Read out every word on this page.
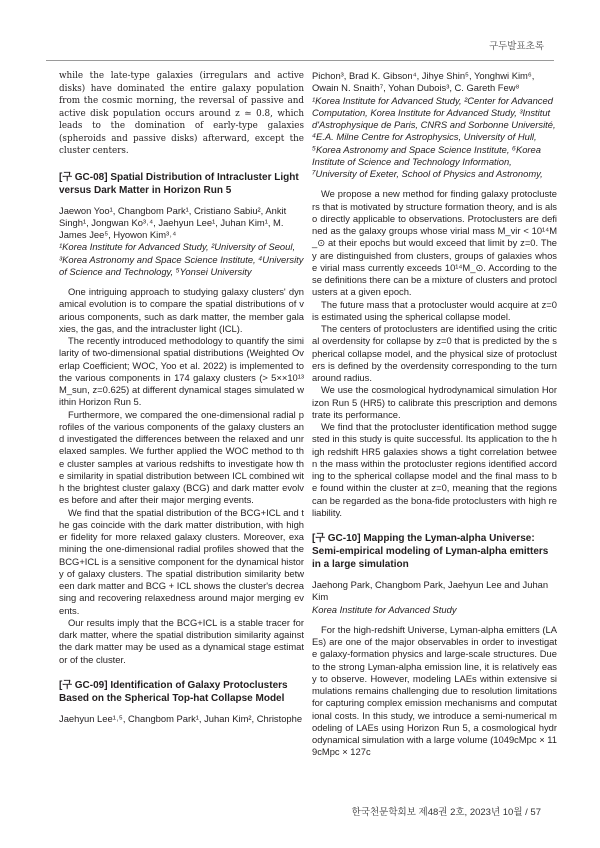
구두발표초록

while the late-type galaxies (irregulars and active disks) have dominated the entire galaxy population from the cosmic morning, the reversal of passive and active disk population occurs around z ≃ 0.8, which leads to the domination of early-type galaxies (spheroids and passive disks) afterward, except the cluster centers.

[구 GC-08] Spatial Distribution of Intracluster Light versus Dark Matter in Horizon Run 5

Jaewon Yoo¹, Changbom Park¹, Cristiano Sabiu², Ankit Singh¹, Jongwan Ko³˒⁴, Jaehyun Lee¹, Juhan Kim¹, M. James Jee⁵, Hyowon Kim³˒⁴

¹Korea Institute for Advanced Study, ²University of Seoul, ³Korea Astronomy and Space Science Institute, ⁴University of Science and Technology, ⁵Yonsei University

One intriguing approach to studying galaxy clusters' dynamical evolution is to compare the spatial distributions of various components, such as dark matter, the member galaxies, the gas, and the intracluster light (ICL).

The recently introduced methodology to quantify the similarity of two-dimensional spatial distributions (Weighted Overlap Coefficient; WOC, Yoo et al. 2022) is implemented to the various components in 174 galaxy clusters (> 5××10¹³ M_sun, z=0.625) at different dynamical stages simulated within Horizon Run 5.

Furthermore, we compared the one-dimensional radial profiles of the various components of the galaxy clusters and investigated the differences between the relaxed and unrelaxed samples. We further applied the WOC method to the cluster samples at various redshifts to investigate how the similarity in spatial distribution between ICL combined with the brightest cluster galaxy (BCG) and dark matter evolves before and after their major merging events.

We find that the spatial distribution of the BCG+ICL and the gas coincide with the dark matter distribution, with higher fidelity for more relaxed galaxy clusters. Moreover, examining the one-dimensional radial profiles showed that the BCG+ICL is a sensitive component for the dynamical history of galaxy clusters. The spatial distribution similarity between dark matter and BCG + ICL shows the cluster's decreasing and recovering relaxedness around major merging events.

Our results imply that the BCG+ICL is a stable tracer for dark matter, where the spatial distribution similarity against the dark matter may be used as a dynamical stage estimator of the cluster.

[구 GC-09] Identification of Galaxy Protoclusters Based on the Spherical Top-hat Collapse Model

Jaehyun Lee¹˒⁵, Changbom Park¹, Juhan Kim², Christophe

Pichon³, Brad K. Gibson⁴, Jihye Shin⁵, Yonghwi Kim⁶, Owain N. Snaith⁷, Yohan Dubois³, C. Gareth Few⁸

¹Korea Institute for Advanced Study, ²Center for Advanced Computation, Korea Institute for Advanced Study, ³Institut d'Astrophysique de Paris, CNRS and Sorbonne Université, ⁴E.A. Milne Centre for Astrophysics, University of Hull, ⁵Korea Astronomy and Space Science Institute, ⁶Korea Institute of Science and Technology Information, ⁷University of Exeter, School of Physics and Astronomy,

We propose a new method for finding galaxy protoclusters that is motivated by structure formation theory, and is also directly applicable to observations. Protoclusters are defined as the galaxy groups whose virial mass M_vir < 10¹⁴M_⊙ at their epochs but would exceed that limit by z=0. They are distinguished from clusters, groups of galaxies whose virial mass currently exceeds 10¹⁴M_⊙. According to these definitions there can be a mixture of clusters and protoclusters at a given epoch.

The future mass that a protocluster would acquire at z=0 is estimated using the spherical collapse model.

The centers of protoclusters are identified using the critical overdensity for collapse by z=0 that is predicted by the spherical collapse model, and the physical size of protoclusters is defined by the overdensity corresponding to the turnaround radius.

We use the cosmological hydrodynamical simulation Horizon Run 5 (HR5) to calibrate this prescription and demonstrate its performance.

We find that the protocluster identification method suggested in this study is quite successful. Its application to the high redshift HR5 galaxies shows a tight correlation between the mass within the protocluster regions identified according to the spherical collapse model and the final mass to be found within the cluster at z=0, meaning that the regions can be regarded as the bona-fide protoclusters with high reliability.

[구 GC-10] Mapping the Lyman-alpha Universe: Semi-empirical modeling of Lyman-alpha emitters in a large simulation

Jaehong Park, Changbom Park, Jaehyun Lee and Juhan Kim

Korea Institute for Advanced Study

For the high-redshift Universe, Lyman-alpha emitters (LAEs) are one of the major observables in order to investigate galaxy-formation physics and large-scale structures. Due to the strong Lyman-alpha emission line, it is relatively easy to observe. However, modeling LAEs within extensive simulations remains challenging due to resolution limitations for capturing complex emission mechanisms and computational costs. In this study, we introduce a semi-numerical modeling of LAEs using Horizon Run 5, a cosmological hydrodynamical simulation with a large volume (1049cMpc × 119cMpc × 127c

한국천문학회보 제48권 2호, 2023년 10월 / 57
